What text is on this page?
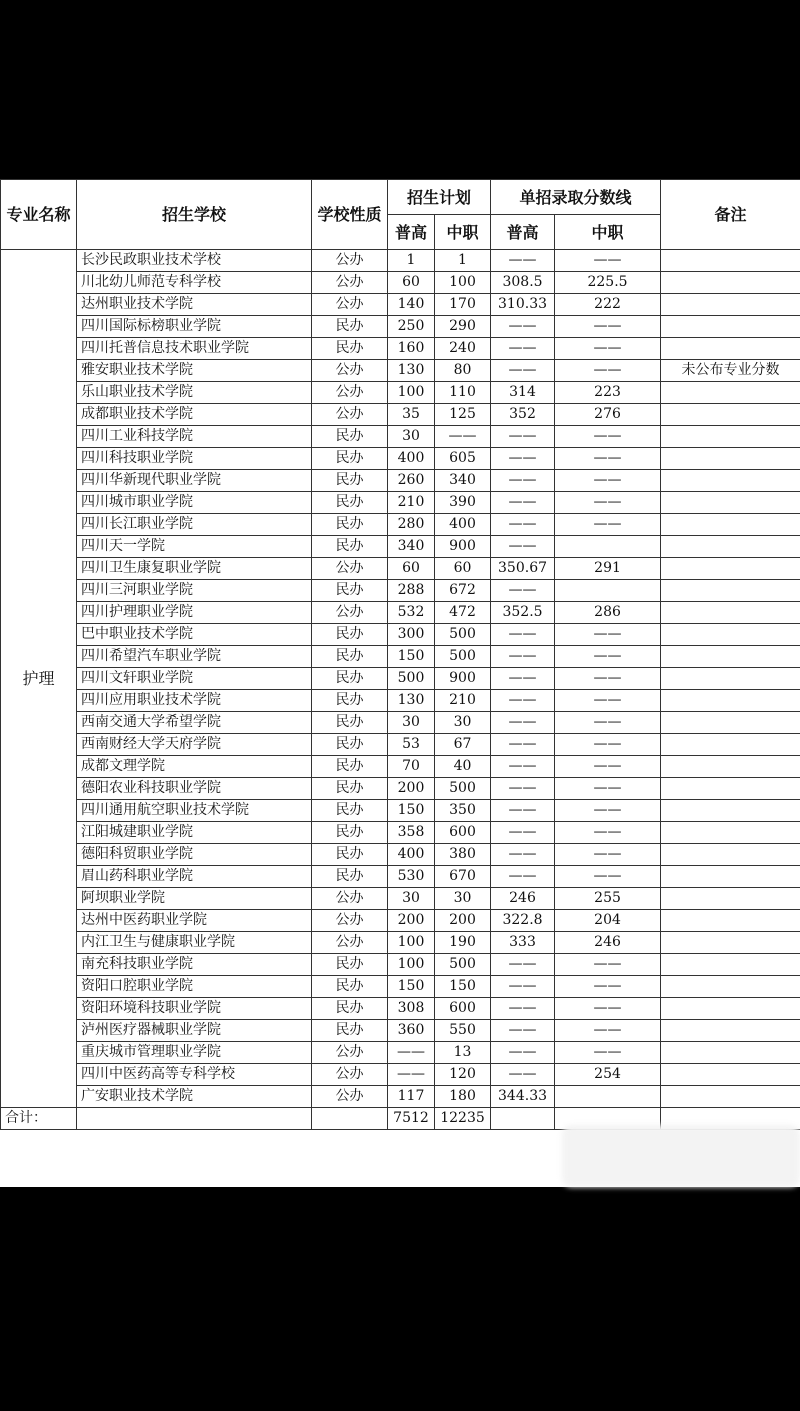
专业名称	招生学校	学校性质	招生计划		单招录取分数线		备注
			普高	中职	普高	中职	
护理	长沙民政职业技术学校	公办	1	1	——	——	
	川北幼儿师范专科学校	公办	60	100	308.5	225.5	
	达州职业技术学院	公办	140	170	310.33	222	
	四川国际标榜职业学院	民办	250	290	——	——	
	四川托普信息技术职业学院	民办	160	240	——	——	
	雅安职业技术学院	公办	130	80	——	——	未公布专业分数
	乐山职业技术学院	公办	100	110	314	223	
	成都职业技术学院	公办	35	125	352	276	
	四川工业科技学院	民办	30	——	——	——	
	四川科技职业学院	民办	400	605	——	——	
	四川华新现代职业学院	民办	260	340	——	——	
	四川城市职业学院	民办	210	390	——	——	
	四川长江职业学院	民办	280	400	——	——	
	四川天一学院	民办	340	900	——		
	四川卫生康复职业学院	公办	60	60	350.67	291	
	四川三河职业学院	民办	288	672	——		
	四川护理职业学院	公办	532	472	352.5	286	
	巴中职业技术学院	民办	300	500	——	——	
	四川希望汽车职业学院	民办	150	500	——	——	
	四川文轩职业学院	民办	500	900	——	——	
	四川应用职业技术学院	民办	130	210	——	——	
	西南交通大学希望学院	民办	30	30	——	——	
	西南财经大学天府学院	民办	53	67	——	——	
	成都文理学院	民办	70	40	——	——	
	德阳农业科技职业学院	民办	200	500	——	——	
	四川通用航空职业技术学院	民办	150	350	——	——	
	江阳城建职业学院	民办	358	600	——	——	
	德阳科贸职业学院	民办	400	380	——	——	
	眉山药科职业学院	民办	530	670	——	——	
	阿坝职业学院	公办	30	30	246	255	
	达州中医药职业学院	公办	200	200	322.8	204	
	内江卫生与健康职业学院	公办	100	190	333	246	
	南充科技职业学院	民办	100	500	——	——	
	资阳口腔职业学院	民办	150	150	——	——	
	资阳环境科技职业学院	民办	308	600	——	——	
	泸州医疗器械职业学院	民办	360	550	——	——	
	重庆城市管理职业学院	公办	——	13	——	——	
	四川中医药高等专科学校	公办	——	120	——	254	
	广安职业技术学院	公办	117	180	344.33		
合计：			7512	12235			
